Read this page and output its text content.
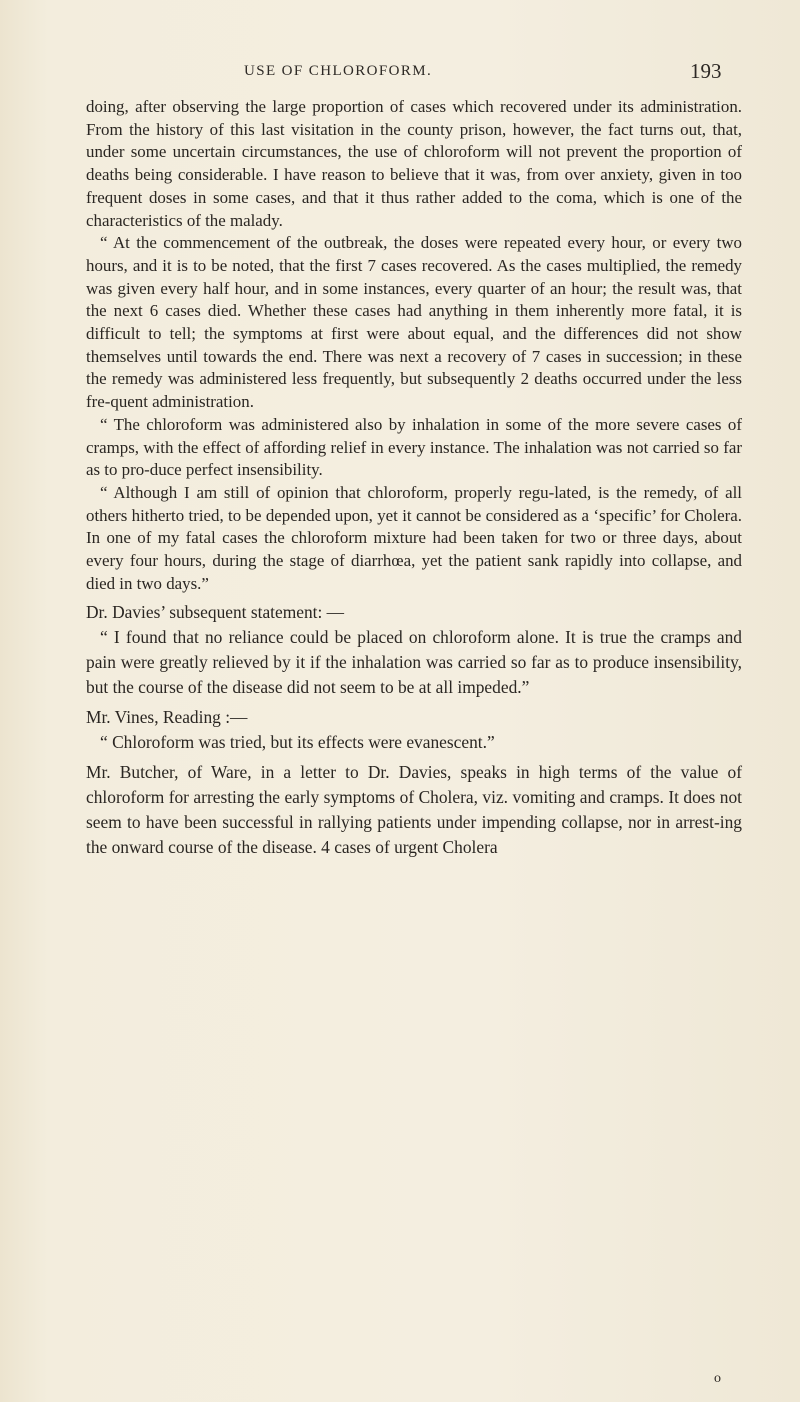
USE OF CHLOROFORM.	193

doing, after observing the large proportion of cases which recovered under its administration. From the history of this last visitation in the county prison, however, the fact turns out, that, under some uncertain circumstances, the use of chloroform will not prevent the proportion of deaths being considerable. I have reason to believe that it was, from over anxiety, given in too frequent doses in some cases, and that it thus rather added to the coma, which is one of the characteristics of the malady.

“ At the commencement of the outbreak, the doses were repeated every hour, or every two hours, and it is to be noted, that the first 7 cases recovered. As the cases multiplied, the remedy was given every half hour, and in some instances, every quarter of an hour; the result was, that the next 6 cases died. Whether these cases had anything in them inherently more fatal, it is difficult to tell; the symptoms at first were about equal, and the differences did not show themselves until towards the end. There was next a recovery of 7 cases in succession; in these the remedy was administered less frequently, but subsequently 2 deaths occurred under the less fre-quent administration.

“ The chloroform was administered also by inhalation in some of the more severe cases of cramps, with the effect of affording relief in every instance. The inhalation was not carried so far as to pro-duce perfect insensibility.

“ Although I am still of opinion that chloroform, properly regu-lated, is the remedy, of all others hitherto tried, to be depended upon, yet it cannot be considered as a ‘specific’ for Cholera. In one of my fatal cases the chloroform mixture had been taken for two or three days, about every four hours, during the stage of diarrhœa, yet the patient sank rapidly into collapse, and died in two days.”

Dr. Davies’ subsequent statement: —

“ I found that no reliance could be placed on chloroform alone. It is true the cramps and pain were greatly relieved by it if the inhalation was carried so far as to produce insensibility, but the course of the disease did not seem to be at all impeded.”

Mr. Vines, Reading :—

“ Chloroform was tried, but its effects were evanescent.”

Mr. Butcher, of Ware, in a letter to Dr. Davies, speaks in high terms of the value of chloroform for arresting the early symptoms of Cholera, viz. vomiting and cramps. It does not seem to have been successful in rallying patients under impending collapse, nor in arrest-ing the onward course of the disease. 4 cases of urgent Cholera

o
